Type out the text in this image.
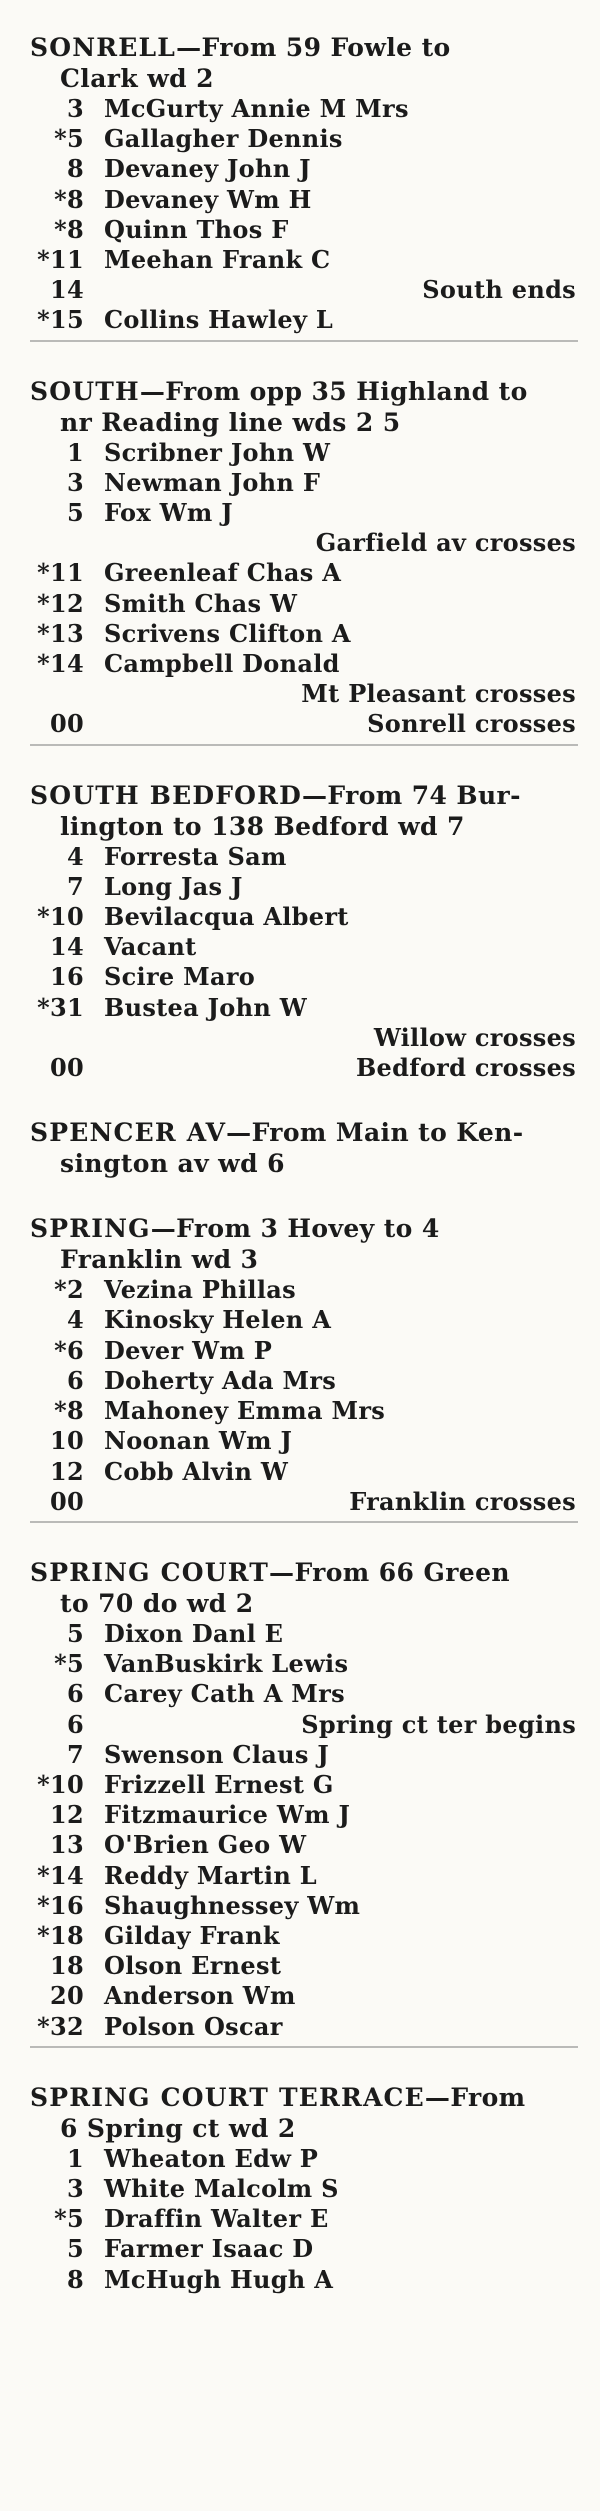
SONRELL—From 59 Fowle to
Clark wd 2
3 McGurty Annie M Mrs
*5 Gallagher Dennis
8 Devaney John J
*8 Devaney Wm H
*8 Quinn Thos F
*11 Meehan Frank C
14	South ends
*15 Collins Hawley L
SOUTH—From opp 35 Highland to
nr Reading line wds 2 5
1 Scribner John W
3 Newman John F
5 Fox Wm J
Garfield av crosses
*11 Greenleaf Chas A
*12 Smith Chas W
*13 Scrivens Clifton A
*14 Campbell Donald
Mt Pleasant crosses
00	Sonrell crosses
SOUTH BEDFORD—From 74 Bur-
lington to 138 Bedford wd 7
4 Forresta Sam
7 Long Jas J
*10 Bevilacqua Albert
14 Vacant
16 Scire Maro
*31 Bustea John W
Willow crosses
00	Bedford crosses
SPENCER AV—From Main to Ken-
sington av wd 6
SPRING—From 3 Hovey to 4
Franklin wd 3
*2 Vezina Phillas
4 Kinosky Helen A
*6 Dever Wm P
6 Doherty Ada Mrs
*8 Mahoney Emma Mrs
10 Noonan Wm J
12 Cobb Alvin W
00	Franklin crosses
SPRING COURT—From 66 Green
to 70 do wd 2
5 Dixon Danl E
*5 VanBuskirk Lewis
6 Carey Cath A Mrs
6	Spring ct ter begins
7 Swenson Claus J
*10 Frizzell Ernest G
12 Fitzmaurice Wm J
13 O'Brien Geo W
*14 Reddy Martin L
*16 Shaughnessey Wm
*18 Gilday Frank
18 Olson Ernest
20 Anderson Wm
*32 Polson Oscar
SPRING COURT TERRACE—From
6 Spring ct wd 2
1 Wheaton Edw P
3 White Malcolm S
*5 Draffin Walter E
5 Farmer Isaac D
8 McHugh Hugh A
